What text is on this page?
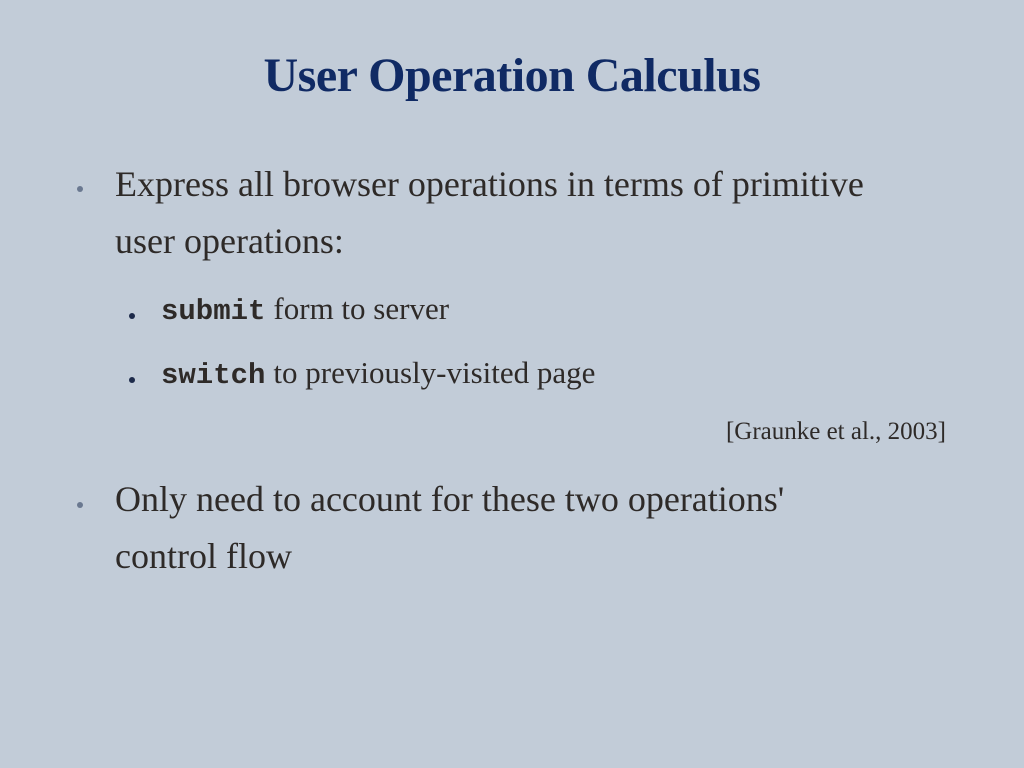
User Operation Calculus
Express all browser operations in terms of primitive user operations:
submit form to server
switch to previously-visited page
[Graunke et al., 2003]
Only need to account for these two operations' control flow
